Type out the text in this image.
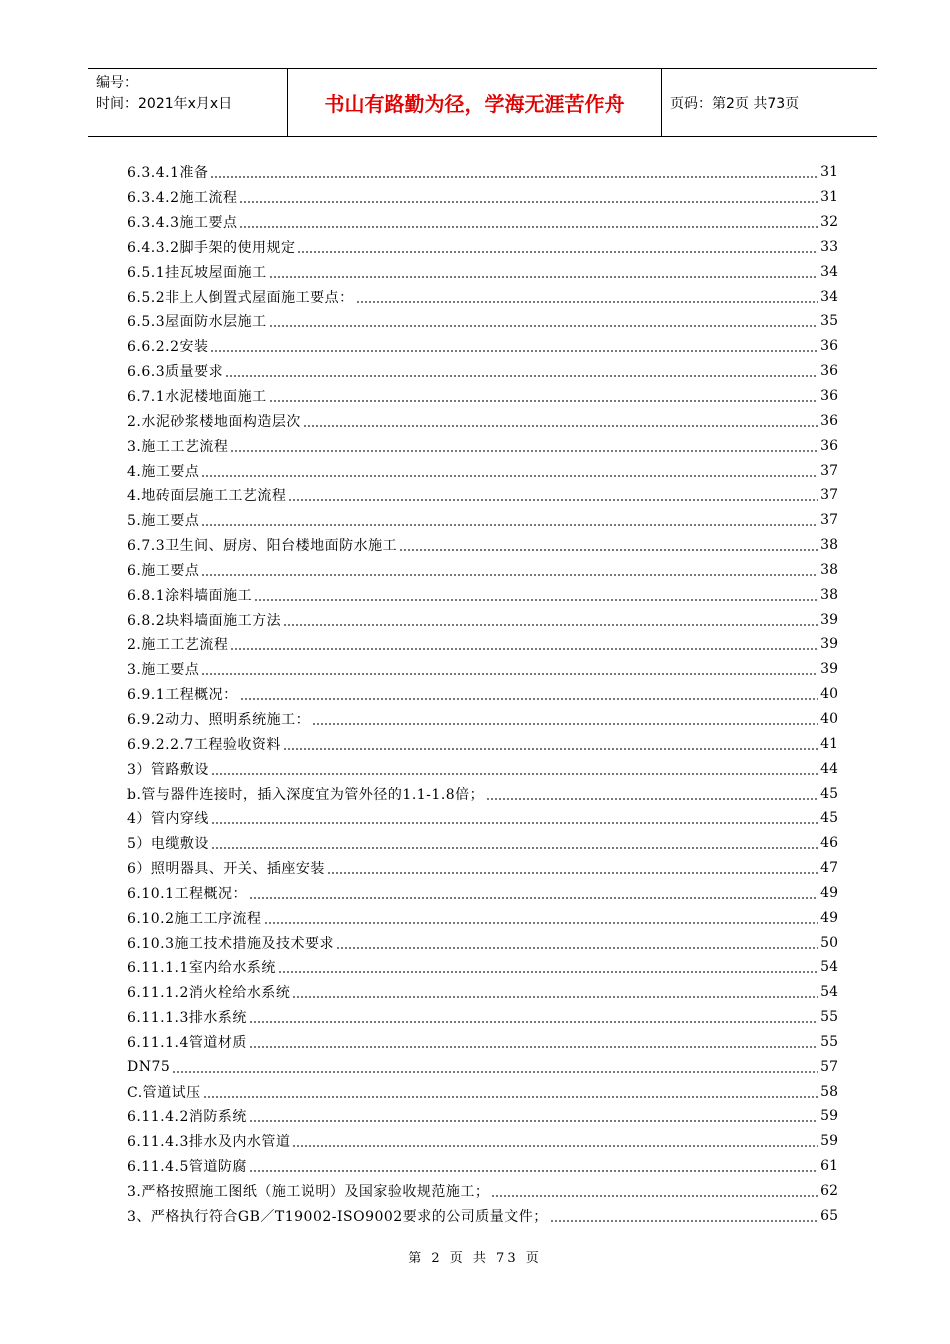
编号：
时间：2021年x月x日	书山有路勤为径，学海无涯苦作舟	页码：第2页 共73页
6.3.4.1准备	31
6.3.4.2施工流程	31
6.3.4.3施工要点	32
6.4.3.2脚手架的使用规定	33
6.5.1挂瓦坡屋面施工	34
6.5.2非上人倒置式屋面施工要点：	34
6.5.3屋面防水层施工	35
6.6.2.2安装	36
6.6.3质量要求	36
6.7.1水泥楼地面施工	36
2.水泥砂浆楼地面构造层次	36
3.施工工艺流程	36
4.施工要点	37
4.地砖面层施工工艺流程	37
5.施工要点	37
6.7.3卫生间、厨房、阳台楼地面防水施工	38
6.施工要点	38
6.8.1涂料墙面施工	38
6.8.2块料墙面施工方法	39
2.施工工艺流程	39
3.施工要点	39
6.9.1工程概况：	40
6.9.2动力、照明系统施工：	40
6.9.2.2.7工程验收资料	41
3）管路敷设	44
b.管与器件连接时，插入深度宜为管外径的1.1-1.8倍；	45
4）管内穿线	45
5）电缆敷设	46
6）照明器具、开关、插座安装	47
6.10.1工程概况：	49
6.10.2施工工序流程	49
6.10.3施工技术措施及技术要求	50
6.11.1.1室内给水系统	54
6.11.1.2消火栓给水系统	54
6.11.1.3排水系统	55
6.11.1.4管道材质	55
DN75	57
C.管道试压	58
6.11.4.2消防系统	59
6.11.4.3排水及内水管道	59
6.11.4.5管道防腐	61
3.严格按照施工图纸（施工说明）及国家验收规范施工；	62
3、严格执行符合GB／T19002-ISO9002要求的公司质量文件；	65
第 2 页 共 73 页
